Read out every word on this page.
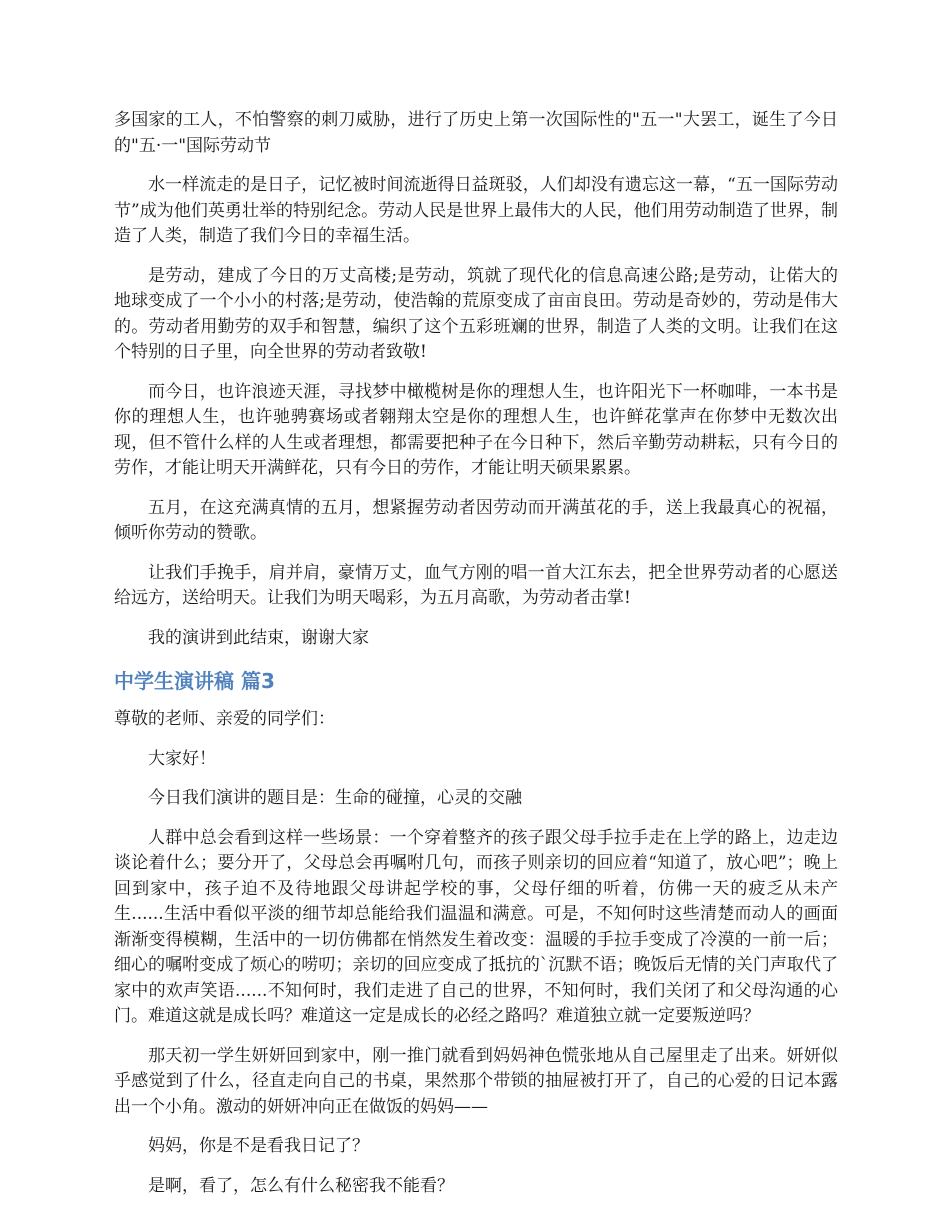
多国家的工人，不怕警察的刺刀威胁，进行了历史上第一次国际性的"五一"大罢工，诞生了今日的"五·一"国际劳动节

水一样流走的是日子，记忆被时间流逝得日益斑驳，人们却没有遗忘这一幕，“五一国际劳动节”成为他们英勇壮举的特别纪念。劳动人民是世界上最伟大的人民，他们用劳动制造了世界，制造了人类，制造了我们今日的幸福生活。

是劳动，建成了今日的万丈高楼;是劳动，筑就了现代化的信息高速公路;是劳动，让偌大的地球变成了一个小小的村落;是劳动，使浩翰的荒原变成了亩亩良田。劳动是奇妙的，劳动是伟大的。劳动者用勤劳的双手和智慧，编织了这个五彩班斓的世界，制造了人类的文明。让我们在这个特别的日子里，向全世界的劳动者致敬!

而今日，也许浪迹天涯，寻找梦中橄榄树是你的理想人生，也许阳光下一杯咖啡，一本书是你的理想人生，也许驰骋赛场或者翱翔太空是你的理想人生，也许鲜花掌声在你梦中无数次出现，但不管什么样的人生或者理想，都需要把种子在今日种下，然后辛勤劳动耕耘，只有今日的劳作，才能让明天开满鲜花，只有今日的劳作，才能让明天硕果累累。

五月，在这充满真情的五月，想紧握劳动者因劳动而开满茧花的手，送上我最真心的祝福，倾听你劳动的赞歌。

让我们手挽手，肩并肩，豪情万丈，血气方刚的唱一首大江东去，把全世界劳动者的心愿送给远方，送给明天。让我们为明天喝彩，为五月高歌，为劳动者击掌!

我的演讲到此结束，谢谢大家

中学生演讲稿 篇3

尊敬的老师、亲爱的同学们：

大家好！

今日我们演讲的题目是：生命的碰撞，心灵的交融

人群中总会看到这样一些场景：一个穿着整齐的孩子跟父母手拉手走在上学的路上，边走边谈论着什么；要分开了，父母总会再嘱咐几句，而孩子则亲切的回应着“知道了，放心吧”；晚上回到家中，孩子迫不及待地跟父母讲起学校的事，父母仔细的听着，仿佛一天的疲乏从未产生......生活中看似平淡的细节却总能给我们温温和满意。可是，不知何时这些清楚而动人的画面渐渐变得模糊，生活中的一切仿佛都在悄然发生着改变：温暖的手拉手变成了冷漠的一前一后；细心的嘱咐变成了烦心的唠叨；亲切的回应变成了抵抗的`沉默不语；晚饭后无情的关门声取代了家中的欢声笑语......不知何时，我们走进了自己的世界，不知何时，我们关闭了和父母沟通的心门。难道这就是成长吗？难道这一定是成长的必经之路吗？难道独立就一定要叛逆吗？

那天初一学生妍妍回到家中，刚一推门就看到妈妈神色慌张地从自己屋里走了出来。妍妍似乎感觉到了什么，径直走向自己的书桌，果然那个带锁的抽屉被打开了，自己的心爱的日记本露出一个小角。激动的妍妍冲向正在做饭的妈妈——

妈妈，你是不是看我日记了？

是啊，看了，怎么有什么秘密我不能看？
